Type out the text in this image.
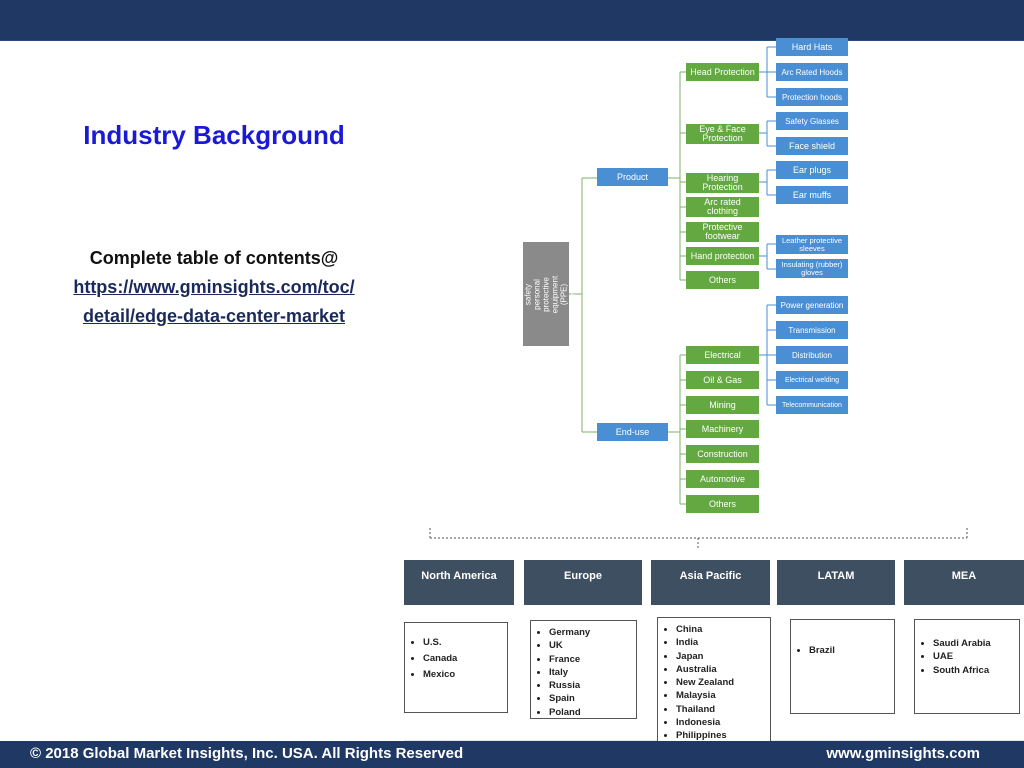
Industry Background
Complete table of contents@
https://www.gminsights.com/toc/
detail/edge-data-center-market
Electrical safety personal protective equipment (PPE) market
Product
End-use
Head Protection
Eye & Face Protection
Hearing Protection
Arc rated clothing
Protective footwear
Hand protection
Others
Hard Hats
Arc Rated Hoods
Protection hoods
Safety Glasses
Face shield
Ear plugs
Ear muffs
Leather protective sleeves
Insulating (rubber) gloves
Electrical
Oil & Gas
Mining
Machinery
Construction
Automotive
Others
Power generation
Transmission
Distribution
Electrical welding
Telecommunication
North America	Europe	Asia Pacific	LATAM	MEA
• U.S.
• Canada
• Mexico
• Germany
• UK
• France
• Italy
• Russia
• Spain
• Poland
• China
• India
• Japan
• Australia
• New Zealand
• Malaysia
• Thailand
• Indonesia
• Philippines
• Brazil
• Saudi Arabia
• UAE
• South Africa
© 2018 Global Market Insights, Inc. USA. All Rights Reserved	www.gminsights.com
